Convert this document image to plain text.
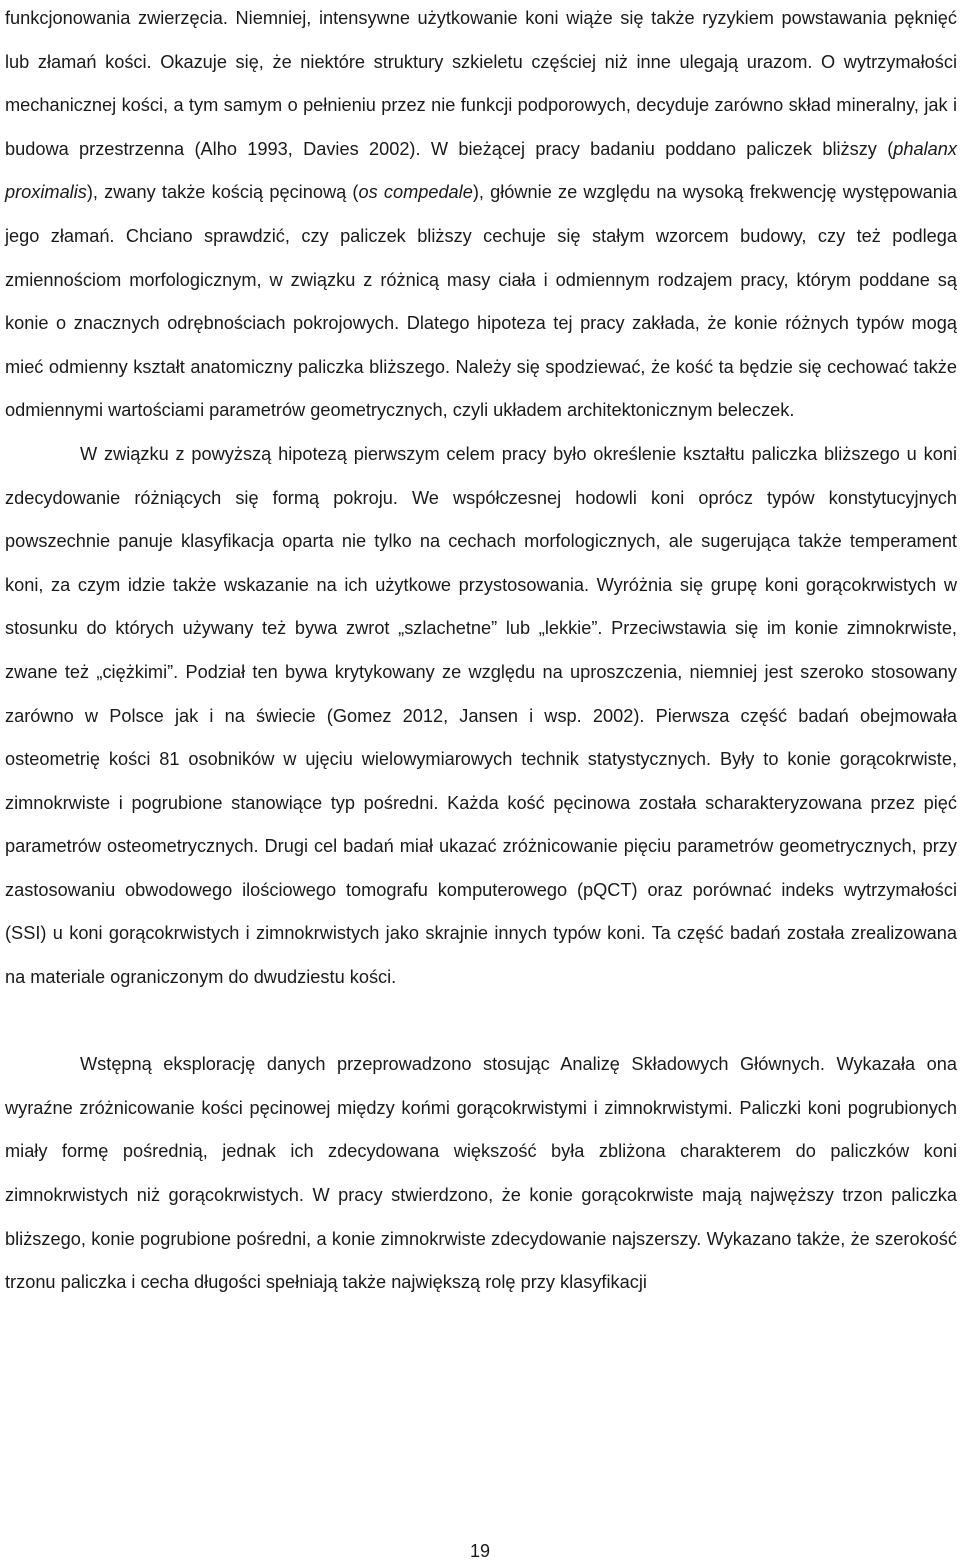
funkcjonowania zwierzęcia. Niemniej, intensywne użytkowanie koni wiąże się także ryzykiem powstawania pęknięć lub złamań kości. Okazuje się, że niektóre struktury szkieletu częściej niż inne ulegają urazom. O wytrzymałości mechanicznej kości, a tym samym o pełnieniu przez nie funkcji podporowych, decyduje zarówno skład mineralny, jak i budowa przestrzenna (Alho 1993, Davies 2002). W bieżącej pracy badaniu poddano paliczek bliższy (phalanx proximalis), zwany także kością pęcinową (os compedale), głównie ze względu na wysoką frekwencję występowania jego złamań. Chciano sprawdzić, czy paliczek bliższy cechuje się stałym wzorcem budowy, czy też podlega zmiennościom morfologicznym, w związku z różnicą masy ciała i odmiennym rodzajem pracy, którym poddane są konie o znacznych odrębnościach pokrojowych. Dlatego hipoteza tej pracy zakłada, że konie różnych typów mogą mieć odmienny kształt anatomiczny paliczka bliższego. Należy się spodziewać, że kość ta będzie się cechować także odmiennymi wartościami parametrów geometrycznych, czyli układem architektonicznym beleczek.

W związku z powyższą hipotezą pierwszym celem pracy było określenie kształtu paliczka bliższego u koni zdecydowanie różniących się formą pokroju. We współczesnej hodowli koni oprócz typów konstytucyjnych powszechnie panuje klasyfikacja oparta nie tylko na cechach morfologicznych, ale sugerująca także temperament koni, za czym idzie także wskazanie na ich użytkowe przystosowania. Wyróżnia się grupę koni gorącokrwistych w stosunku do których używany też bywa zwrot „szlachetne” lub „lekkie”. Przeciwstawia się im konie zimnokrwiste, zwane też „ciężkimi”. Podział ten bywa krytykowany ze względu na uproszczenia, niemniej jest szeroko stosowany zarówno w Polsce jak i na świecie (Gomez 2012, Jansen i wsp. 2002). Pierwsza część badań obejmowała osteometrię kości 81 osobników w ujęciu wielowymiarowych technik statystycznych. Były to konie gorącokrwiste, zimnokrwiste i pogrubione stanowiące typ pośredni. Każda kość pęcinowa została scharakteryzowana przez pięć parametrów osteometrycznych. Drugi cel badań miał ukazać zróżnicowanie pięciu parametrów geometrycznych, przy zastosowaniu obwodowego ilościowego tomografu komputerowego (pQCT) oraz porównać indeks wytrzymałości (SSI) u koni gorącokrwistych i zimnokrwistych jako skrajnie innych typów koni. Ta część badań została zrealizowana na materiale ograniczonym do dwudziestu kości.

Wstępną eksplorację danych przeprowadzono stosując Analizę Składowych Głównych. Wykazała ona wyraźne zróżnicowanie kości pęcinowej między końmi gorącokrwistymi i zimnokrwistymi. Paliczki koni pogrubionych miały formę pośrednią, jednak ich zdecydowana większość była zbliżona charakterem do paliczków koni zimnokrwistych niż gorącokrwistych. W pracy stwierdzono, że konie gorącokrwiste mają najwęższy trzon paliczka bliższego, konie pogrubione pośredni, a konie zimnokrwiste zdecydowanie najszerszy. Wykazano także, że szerokość trzonu paliczka i cecha długości spełniają także największą rolę przy klasyfikacji

19
